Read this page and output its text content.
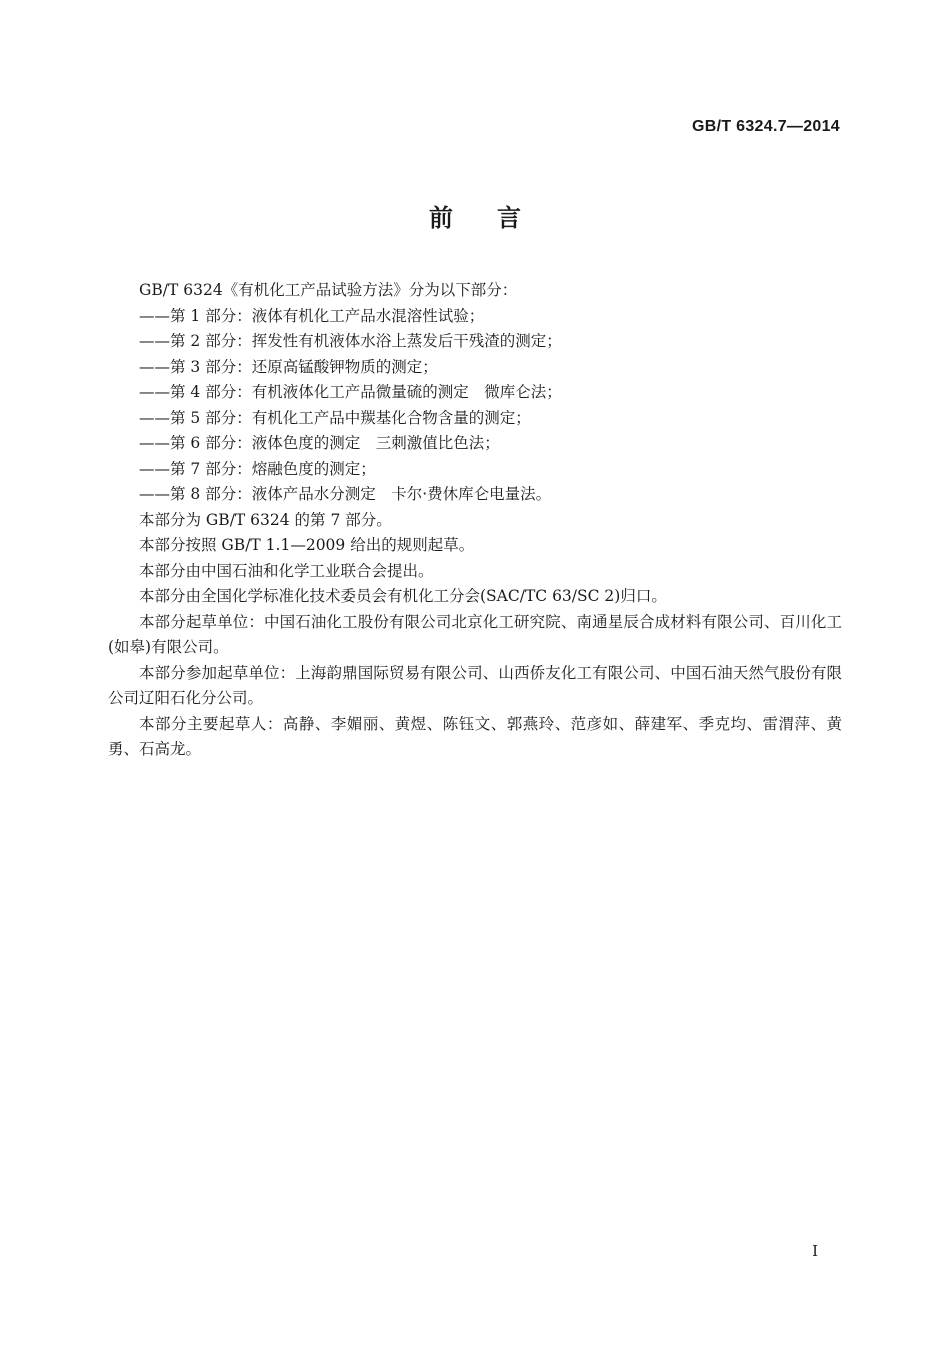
GB/T 6324.7—2014
前言

GB/T 6324《有机化工产品试验方法》分为以下部分：

——第 1 部分：液体有机化工产品水混溶性试验；

——第 2 部分：挥发性有机液体水浴上蒸发后干残渣的测定；

——第 3 部分：还原高锰酸钾物质的测定；

——第 4 部分：有机液体化工产品微量硫的测定　微库仑法；

——第 5 部分：有机化工产品中羰基化合物含量的测定；

——第 6 部分：液体色度的测定　三刺激值比色法；

——第 7 部分：熔融色度的测定；

——第 8 部分：液体产品水分测定　卡尔·费休库仑电量法。

本部分为 GB/T 6324 的第 7 部分。

本部分按照 GB/T 1.1—2009 给出的规则起草。

本部分由中国石油和化学工业联合会提出。

本部分由全国化学标准化技术委员会有机化工分会(SAC/TC 63/SC 2)归口。

本部分起草单位：中国石油化工股份有限公司北京化工研究院、南通星辰合成材料有限公司、百川化工(如皋)有限公司。

本部分参加起草单位：上海韵鼎国际贸易有限公司、山西侨友化工有限公司、中国石油天然气股份有限公司辽阳石化分公司。

本部分主要起草人：高静、李媚丽、黄煜、陈钰文、郭燕玲、范彦如、薛建军、季克均、雷渭萍、黄勇、石高龙。

I
